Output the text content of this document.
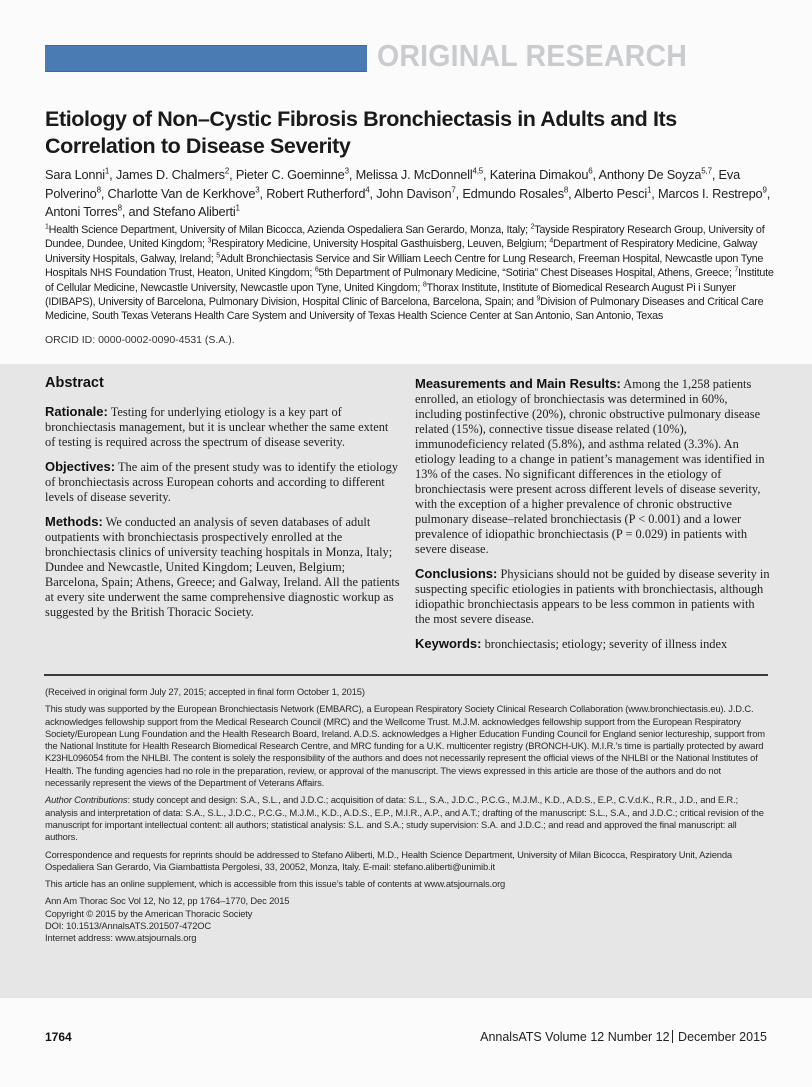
ORIGINAL RESEARCH
Etiology of Non–Cystic Fibrosis Bronchiectasis in Adults and Its Correlation to Disease Severity
Sara Lonni$^1$, James D. Chalmers$^2$, Pieter C. Goeminne$^3$, Melissa J. McDonnell$^{4,5}$, Katerina Dimakou$^6$, Anthony De Soyza$^{5,7}$, Eva Polverino$^8$, Charlotte Van de Kerkhove$^3$, Robert Rutherford$^4$, John Davison$^7$, Edmundo Rosales$^8$, Alberto Pesci$^1$, Marcos I. Restrepo$^9$, Antoni Torres$^8$, and Stefano Aliberti$^1$
$^1$Health Science Department, University of Milan Bicocca, Azienda Ospedaliera San Gerardo, Monza, Italy; $^2$Tayside Respiratory Research Group, University of Dundee, Dundee, United Kingdom; $^3$Respiratory Medicine, University Hospital Gasthuisberg, Leuven, Belgium; $^4$Department of Respiratory Medicine, Galway University Hospitals, Galway, Ireland; $^5$Adult Bronchiectasis Service and Sir William Leech Centre for Lung Research, Freeman Hospital, Newcastle upon Tyne Hospitals NHS Foundation Trust, Heaton, United Kingdom; $^6$5th Department of Pulmonary Medicine, “Sotiria” Chest Diseases Hospital, Athens, Greece; $^7$Institute of Cellular Medicine, Newcastle University, Newcastle upon Tyne, United Kingdom; $^8$Thorax Institute, Institute of Biomedical Research August Pi i Sunyer (IDIBAPS), University of Barcelona, Pulmonary Division, Hospital Clinic of Barcelona, Barcelona, Spain; and $^9$Division of Pulmonary Diseases and Critical Care Medicine, South Texas Veterans Health Care System and University of Texas Health Science Center at San Antonio, San Antonio, Texas
ORCID ID: 0000-0002-0090-4531 (S.A.).
Abstract

Rationale: Testing for underlying etiology is a key part of bronchiectasis management, but it is unclear whether the same extent of testing is required across the spectrum of disease severity.

Objectives: The aim of the present study was to identify the etiology of bronchiectasis across European cohorts and according to different levels of disease severity.

Methods: We conducted an analysis of seven databases of adult outpatients with bronchiectasis prospectively enrolled at the bronchiectasis clinics of university teaching hospitals in Monza, Italy; Dundee and Newcastle, United Kingdom; Leuven, Belgium; Barcelona, Spain; Athens, Greece; and Galway, Ireland. All the patients at every site underwent the same comprehensive diagnostic workup as suggested by the British Thoracic Society.

Measurements and Main Results: Among the 1,258 patients enrolled, an etiology of bronchiectasis was determined in 60%, including postinfective (20%), chronic obstructive pulmonary disease related (15%), connective tissue disease related (10%), immunodeficiency related (5.8%), and asthma related (3.3%). An etiology leading to a change in patient’s management was identified in 13% of the cases. No significant differences in the etiology of bronchiectasis were present across different levels of disease severity, with the exception of a higher prevalence of chronic obstructive pulmonary disease–related bronchiectasis (P < 0.001) and a lower prevalence of idiopathic bronchiectasis (P = 0.029) in patients with severe disease.

Conclusions: Physicians should not be guided by disease severity in suspecting specific etiologies in patients with bronchiectasis, although idiopathic bronchiectasis appears to be less common in patients with the most severe disease.

Keywords: bronchiectasis; etiology; severity of illness index

(Received in original form July 27, 2015; accepted in final form October 1, 2015)

This study was supported by the European Bronchiectasis Network (EMBARC), a European Respiratory Society Clinical Research Collaboration (www.bronchiectasis.eu). J.D.C. acknowledges fellowship support from the Medical Research Council (MRC) and the Wellcome Trust. M.J.M. acknowledges fellowship support from the European Respiratory Society/European Lung Foundation and the Health Research Board, Ireland. A.D.S. acknowledges a Higher Education Funding Council for England senior lectureship, support from the National Institute for Health Research Biomedical Research Centre, and MRC funding for a U.K. multicenter registry (BRONCH-UK). M.I.R.’s time is partially protected by award K23HL096054 from the NHLBI. The content is solely the responsibility of the authors and does not necessarily represent the official views of the NHLBI or the National Institutes of Health. The funding agencies had no role in the preparation, review, or approval of the manuscript. The views expressed in this article are those of the authors and do not necessarily represent the views of the Department of Veterans Affairs.

Author Contributions: study concept and design: S.A., S.L., and J.D.C.; acquisition of data: S.L., S.A., J.D.C., P.C.G., M.J.M., K.D., A.D.S., E.P., C.V.d.K., R.R., J.D., and E.R.; analysis and interpretation of data: S.A., S.L., J.D.C., P.C.G., M.J.M., K.D., A.D.S., E.P., M.I.R., A.P., and A.T.; drafting of the manuscript: S.L., S.A., and J.D.C.; critical revision of the manuscript for important intellectual content: all authors; statistical analysis: S.L. and S.A.; study supervision: S.A. and J.D.C.; and read and approved the final manuscript: all authors.

Correspondence and requests for reprints should be addressed to Stefano Aliberti, M.D., Health Science Department, University of Milan Bicocca, Respiratory Unit, Azienda Ospedaliera San Gerardo, Via Giambattista Pergolesi, 33, 20052, Monza, Italy. E-mail: stefano.aliberti@unimib.it

This article has an online supplement, which is accessible from this issue’s table of contents at www.atsjournals.org

Ann Am Thorac Soc Vol 12, No 12, pp 1764–1770, Dec 2015

Copyright © 2015 by the American Thoracic Society

DOI: 10.1513/AnnalsATS.201507-472OC

Internet address: www.atsjournals.org

1764	AnnalsATS Volume 12 Number 12 December 2015
